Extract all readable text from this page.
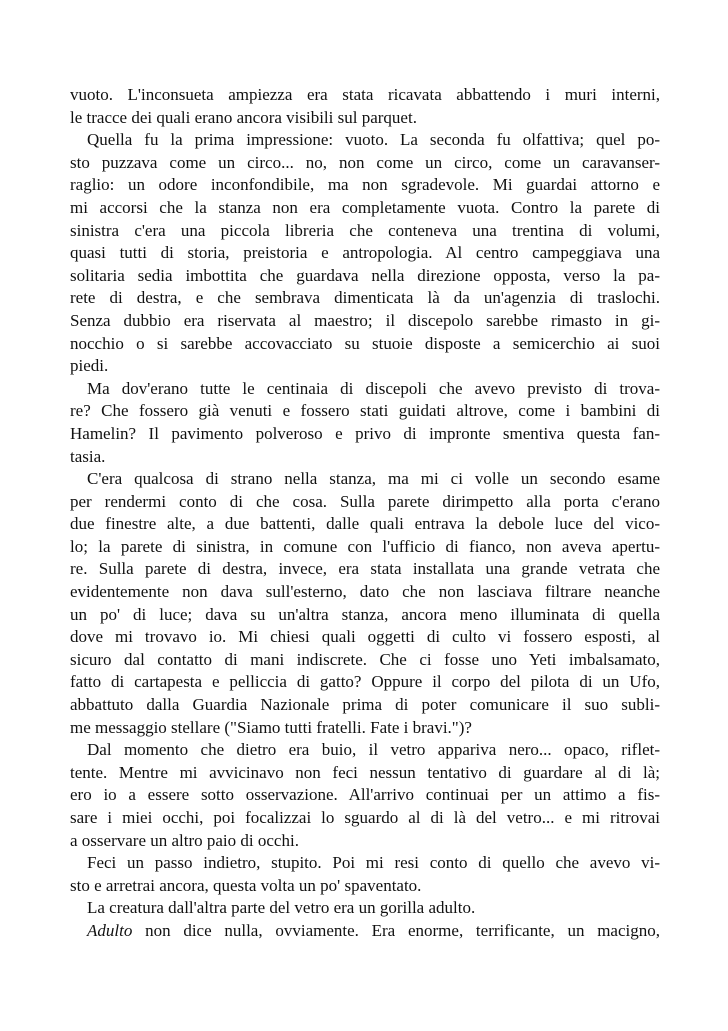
vuoto. L'inconsueta ampiezza era stata ricavata abbattendo i muri interni,
le tracce dei quali erano ancora visibili sul parquet.
Quella fu la prima impressione: vuoto. La seconda fu olfattiva; quel po-
sto puzzava come un circo... no, non come un circo, come un caravanser-
raglio: un odore inconfondibile, ma non sgradevole. Mi guardai attorno e
mi accorsi che la stanza non era completamente vuota. Contro la parete di
sinistra c'era una piccola libreria che conteneva una trentina di volumi,
quasi tutti di storia, preistoria e antropologia. Al centro campeggiava una
solitaria sedia imbottita che guardava nella direzione opposta, verso la pa-
rete di destra, e che sembrava dimenticata là da un'agenzia di traslochi.
Senza dubbio era riservata al maestro; il discepolo sarebbe rimasto in gi-
nocchio o si sarebbe accovacciato su stuoie disposte a semicerchio ai suoi
piedi.
Ma dov'erano tutte le centinaia di discepoli che avevo previsto di trova-
re? Che fossero già venuti e fossero stati guidati altrove, come i bambini di
Hamelin? Il pavimento polveroso e privo di impronte smentiva questa fan-
tasia.
C'era qualcosa di strano nella stanza, ma mi ci volle un secondo esame
per rendermi conto di che cosa. Sulla parete dirimpetto alla porta c'erano
due finestre alte, a due battenti, dalle quali entrava la debole luce del vico-
lo; la parete di sinistra, in comune con l'ufficio di fianco, non aveva apertu-
re. Sulla parete di destra, invece, era stata installata una grande vetrata che
evidentemente non dava sull'esterno, dato che non lasciava filtrare neanche
un po' di luce; dava su un'altra stanza, ancora meno illuminata di quella
dove mi trovavo io. Mi chiesi quali oggetti di culto vi fossero esposti, al
sicuro dal contatto di mani indiscrete. Che ci fosse uno Yeti imbalsamato,
fatto di cartapesta e pelliccia di gatto? Oppure il corpo del pilota di un Ufo,
abbattuto dalla Guardia Nazionale prima di poter comunicare il suo subli-
me messaggio stellare ("Siamo tutti fratelli. Fate i bravi.")?
Dal momento che dietro era buio, il vetro appariva nero... opaco, riflet-
tente. Mentre mi avvicinavo non feci nessun tentativo di guardare al di là;
ero io a essere sotto osservazione. All'arrivo continuai per un attimo a fis-
sare i miei occhi, poi focalizzai lo sguardo al di là del vetro... e mi ritrovai
a osservare un altro paio di occhi.
Feci un passo indietro, stupito. Poi mi resi conto di quello che avevo vi-
sto e arretrai ancora, questa volta un po' spaventato.
La creatura dall'altra parte del vetro era un gorilla adulto.
Adulto non dice nulla, ovviamente. Era enorme, terrificante, un macigno,
